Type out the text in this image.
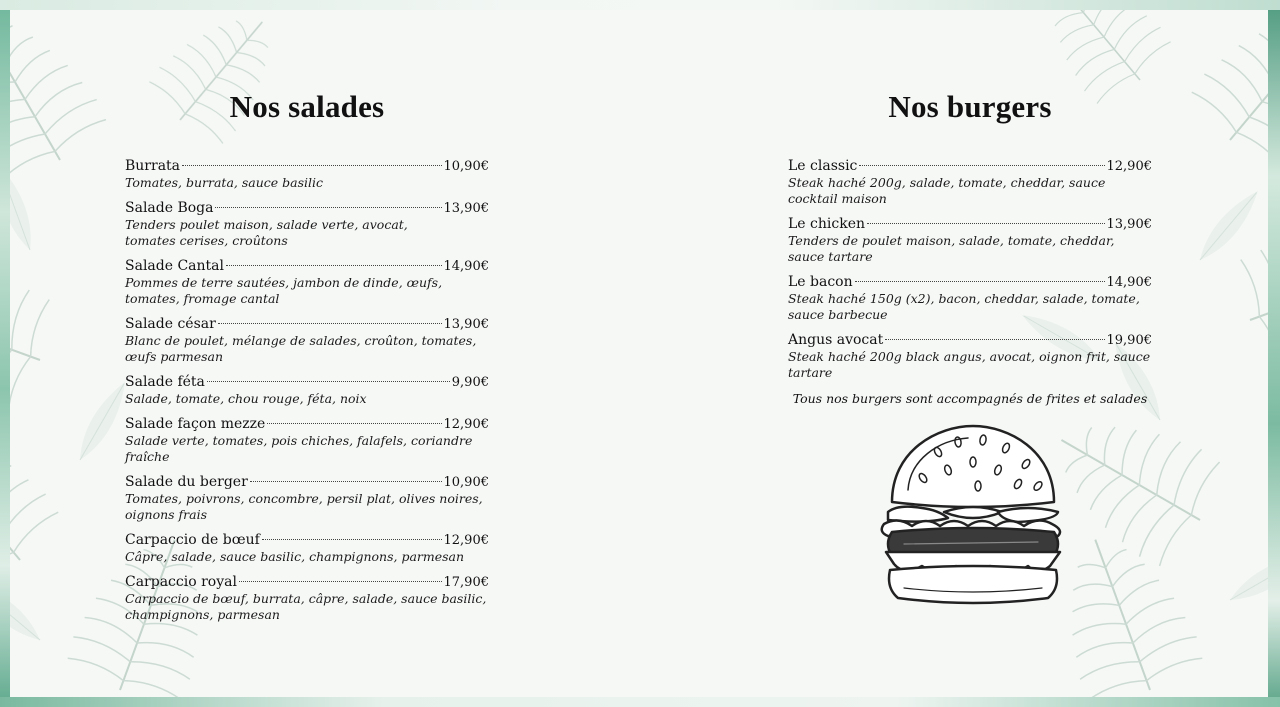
Nos salades
Burrata	10,90€
Tomates, burrata, sauce basilic
Salade Boga	13,90€
Tenders poulet maison, salade verte, avocat,
tomates cerises, croûtons
Salade Cantal	14,90€
Pommes de terre sautées, jambon de dinde, œufs,
tomates, fromage cantal
Salade césar	13,90€
Blanc de poulet, mélange de salades, croûton, tomates,
œufs parmesan
Salade féta	9,90€
Salade, tomate, chou rouge, féta, noix
Salade façon mezze	12,90€
Salade verte, tomates, pois chiches, falafels, coriandre fraîche
Salade du berger	10,90€
Tomates, poivrons, concombre, persil plat, olives noires,
oignons frais
Carpaccio de bœuf	12,90€
Câpre, salade, sauce basilic, champignons, parmesan
Carpaccio royal	17,90€
Carpaccio de bœuf, burrata, câpre, salade, sauce basilic,
champignons, parmesan
Nos burgers
Le classic	12,90€
Steak haché 200g, salade, tomate, cheddar, sauce cocktail maison
Le chicken	13,90€
Tenders de poulet maison, salade, tomate, cheddar, sauce tartare
Le bacon	14,90€
Steak haché 150g (x2), bacon, cheddar, salade, tomate,
sauce barbecue
Angus avocat	19,90€
Steak haché 200g black angus, avocat, oignon frit, sauce tartare

Tous nos burgers sont accompagnés de frites et salades
